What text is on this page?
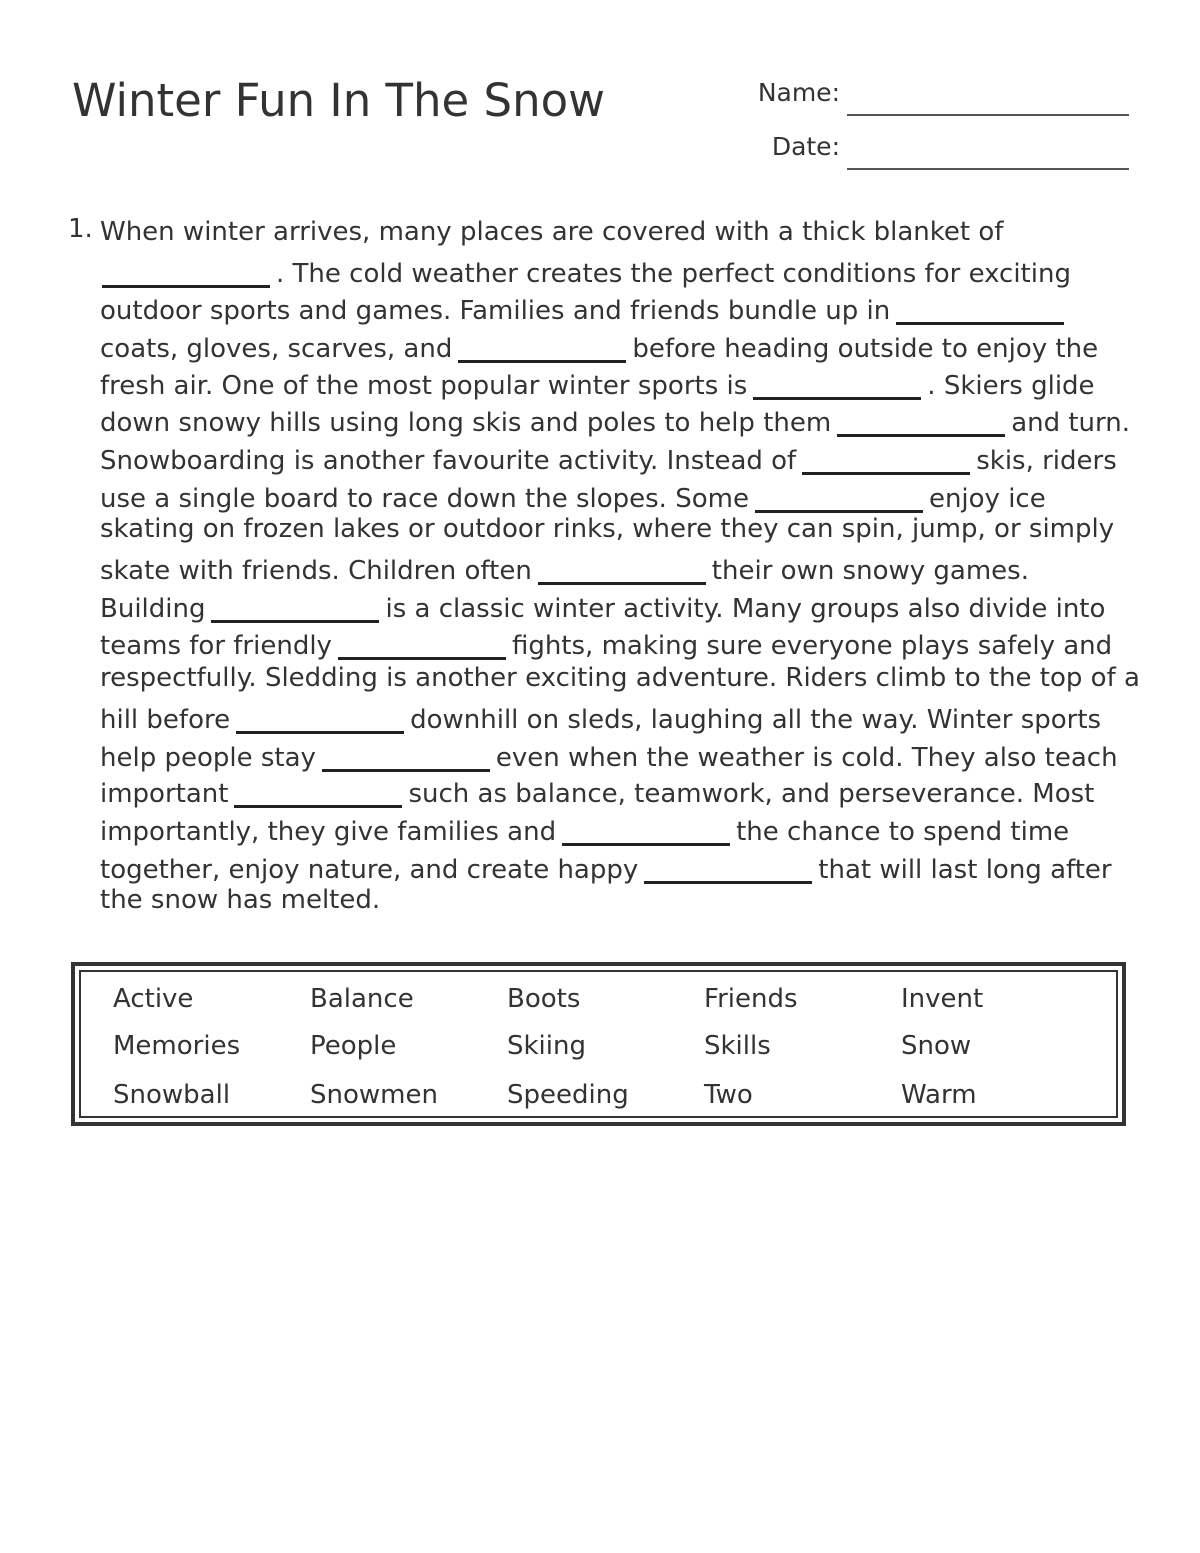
Winter Fun In The Snow	Name:
Date:
1. When winter arrives, many places are covered with a thick blanket of
. The cold weather creates the perfect conditions for exciting
outdoor sports and games. Families and friends bundle up in
coats, gloves, scarves, and	before heading outside to enjoy the
fresh air. One of the most popular winter sports is	. Skiers glide
down snowy hills using long skis and poles to help them	and turn.
Snowboarding is another favourite activity. Instead of	skis, riders
use a single board to race down the slopes. Some	enjoy ice
skating on frozen lakes or outdoor rinks, where they can spin, jump, or simply
skate with friends. Children often	their own snowy games.
Building	is a classic winter activity. Many groups also divide into
teams for friendly	fights, making sure everyone plays safely and
respectfully. Sledding is another exciting adventure. Riders climb to the top of a
hill before	downhill on sleds, laughing all the way. Winter sports
help people stay	even when the weather is cold. They also teach
important	such as balance, teamwork, and perseverance. Most
importantly, they give families and	the chance to spend time
together, enjoy nature, and create happy	that will last long after
the snow has melted.
Active	Balance	Boots	Friends	Invent
Memories	People	Skiing	Skills	Snow
Snowball	Snowmen	Speeding	Two	Warm
